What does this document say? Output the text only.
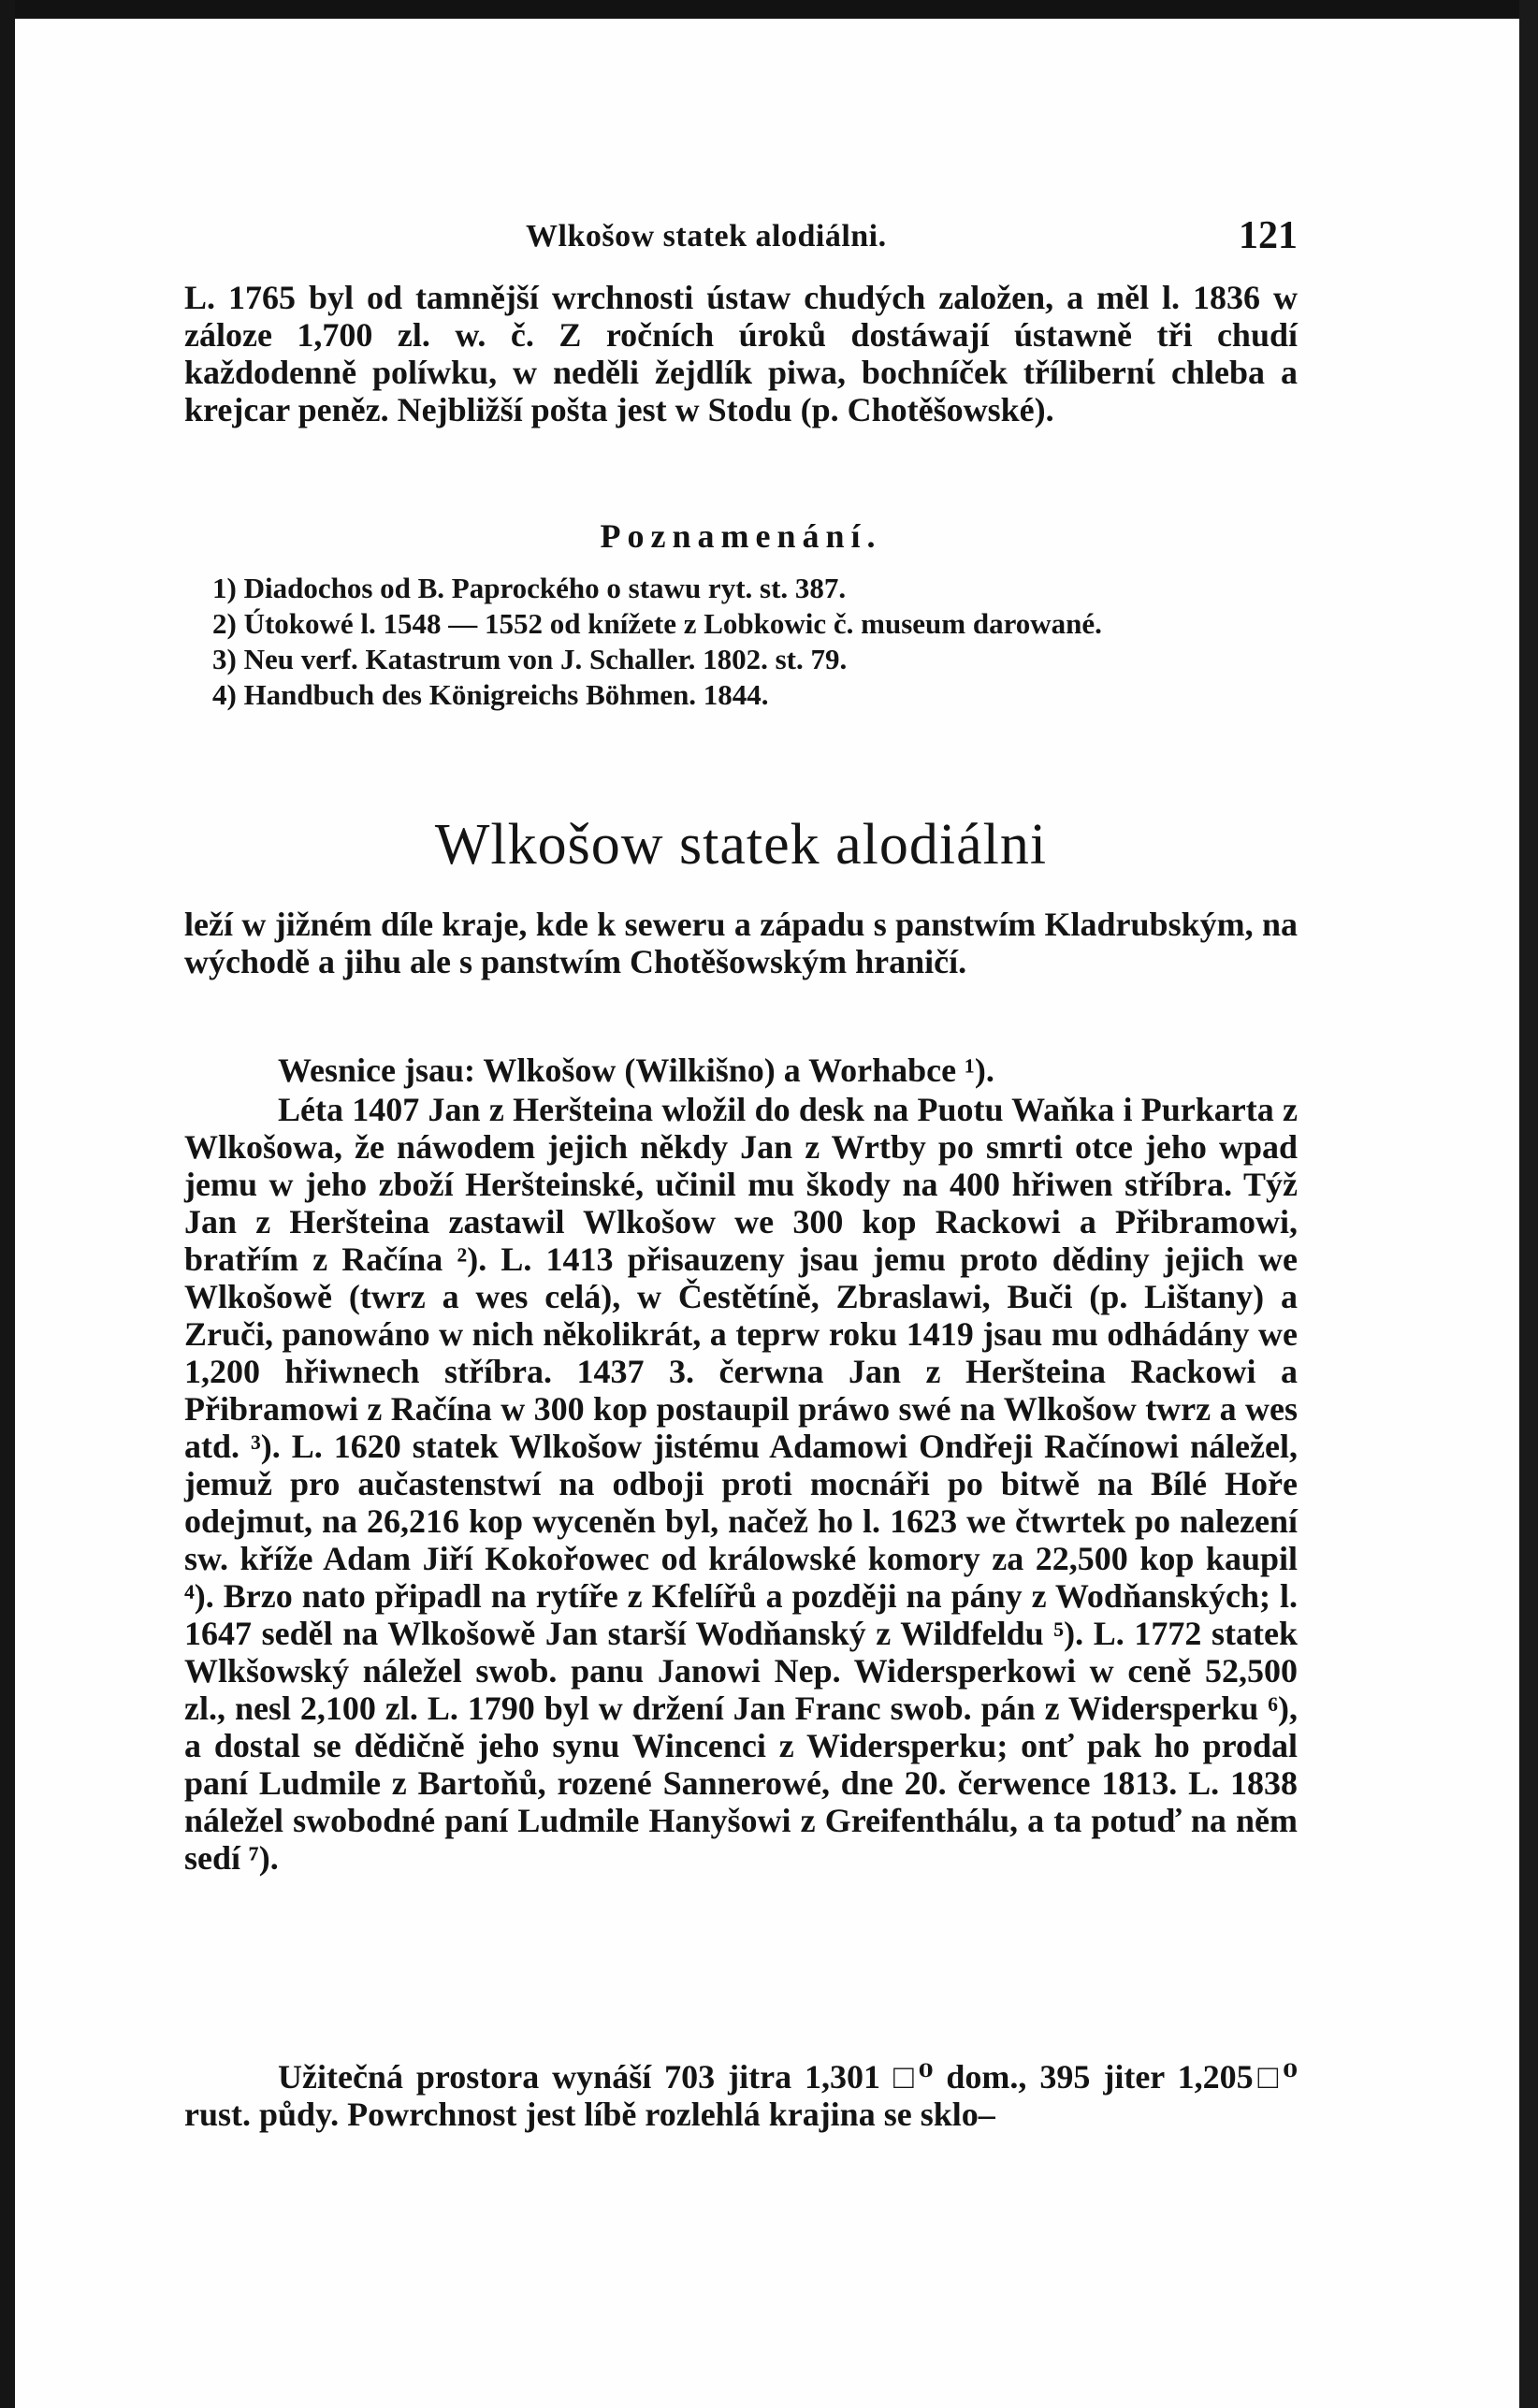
Wlkošow statek alodiálni.	121

L. 1765 byl od tamnější wrchnosti ústaw chudých založen, a měl l. 1836 w záloze 1,700 zl. w. č. Z ročních úroků dostáwají ústawně tři chudí každodenně políwku, w neděli žejdlík piwa, bochníček třílibernί chleba a krejcar peněz. Nejbližší pošta jest w Stodu (p. Chotěšowské).

Poznamenání.
1) Diadochos od B. Paprockého o stawu ryt. st. 387.
2) Útokowé l. 1548 — 1552 od knížete z Lobkowic č. museum darowané.
3) Neu verf. Katastrum von J. Schaller. 1802. st. 79.
4) Handbuch des Königreichs Böhmen. 1844.
Wlkošow statek alodiálni

leží w jižném díle kraje, kde k seweru a západu s panstwím Kladrubským, na wýchodě a jihu ale s panstwím Chotěšowským hraničí.

Wesnice jsau: Wlkošow (Wilkišno) a Worhabce ¹).

Léta 1407 Jan z Heršteina wložil do desk na Puotu Waňka i Purkarta z Wlkošowa, že náwodem jejich někdy Jan z Wrtby po smrti otce jeho wpad jemu w jeho zboží Heršteinské, učinil mu škody na 400 hřiwen stříbra. Týž Jan z Heršteina zastawil Wlkošow we 300 kop Rackowi a Přibramowi, bratřím z Račína ²). L. 1413 přisauzeny jsau jemu proto dědiny jejich we Wlkošowě (twrz a wes celá), w Čestětíně, Zbraslawi, Buči (p. Lištany) a Zruči, panowáno w nich několikrát, a teprw roku 1419 jsau mu odhádány we 1,200 hřiwnech stříbra. 1437 3. čerwna Jan z Heršteina Rackowi a Přibramowi z Račína w 300 kop postaupil práwo swé na Wlkošow twrz a wes atd. ³). L. 1620 statek Wlkošow jistému Adamowi Ondřeji Račínowi náležel, jemuž pro aučastenstwí na odboji proti mocnáři po bitwě na Bílé Hoře odejmut, na 26,216 kop wyceněn byl, načež ho l. 1623 we čtwrtek po nalezení sw. kříže Adam Jiří Kokořowec od králowské komory za 22,500 kop kaupil ⁴). Brzo nato připadl na rytíře z Kfelířů a později na pány z Wodňanských; l. 1647 seděl na Wlkošowě Jan starší Wodňanský z Wildfeldu ⁵). L. 1772 statek Wlkšowský náležel swob. panu Janowi Nep. Widersperkowi w ceně 52,500 zl., nesl 2,100 zl. L. 1790 byl w držení Jan Franc swob. pán z Widersperku ⁶), a dostal se dědičně jeho synu Wincenci z Widersperku; onť pak ho prodal paní Ludmile z Bartoňů, rozené Sannerowé, dne 20. čerwence 1813. L. 1838 náležel swobodné paní Ludmile Hanyšowi z Greifenthálu, a ta potuď na něm sedí ⁷).

Užitečná prostora wynáší 703 jitra 1,301 □⁰ dom., 395 jiter 1,205□⁰ rust. půdy. Powrchnost jest líbě rozlehlá krajina se sklo–
